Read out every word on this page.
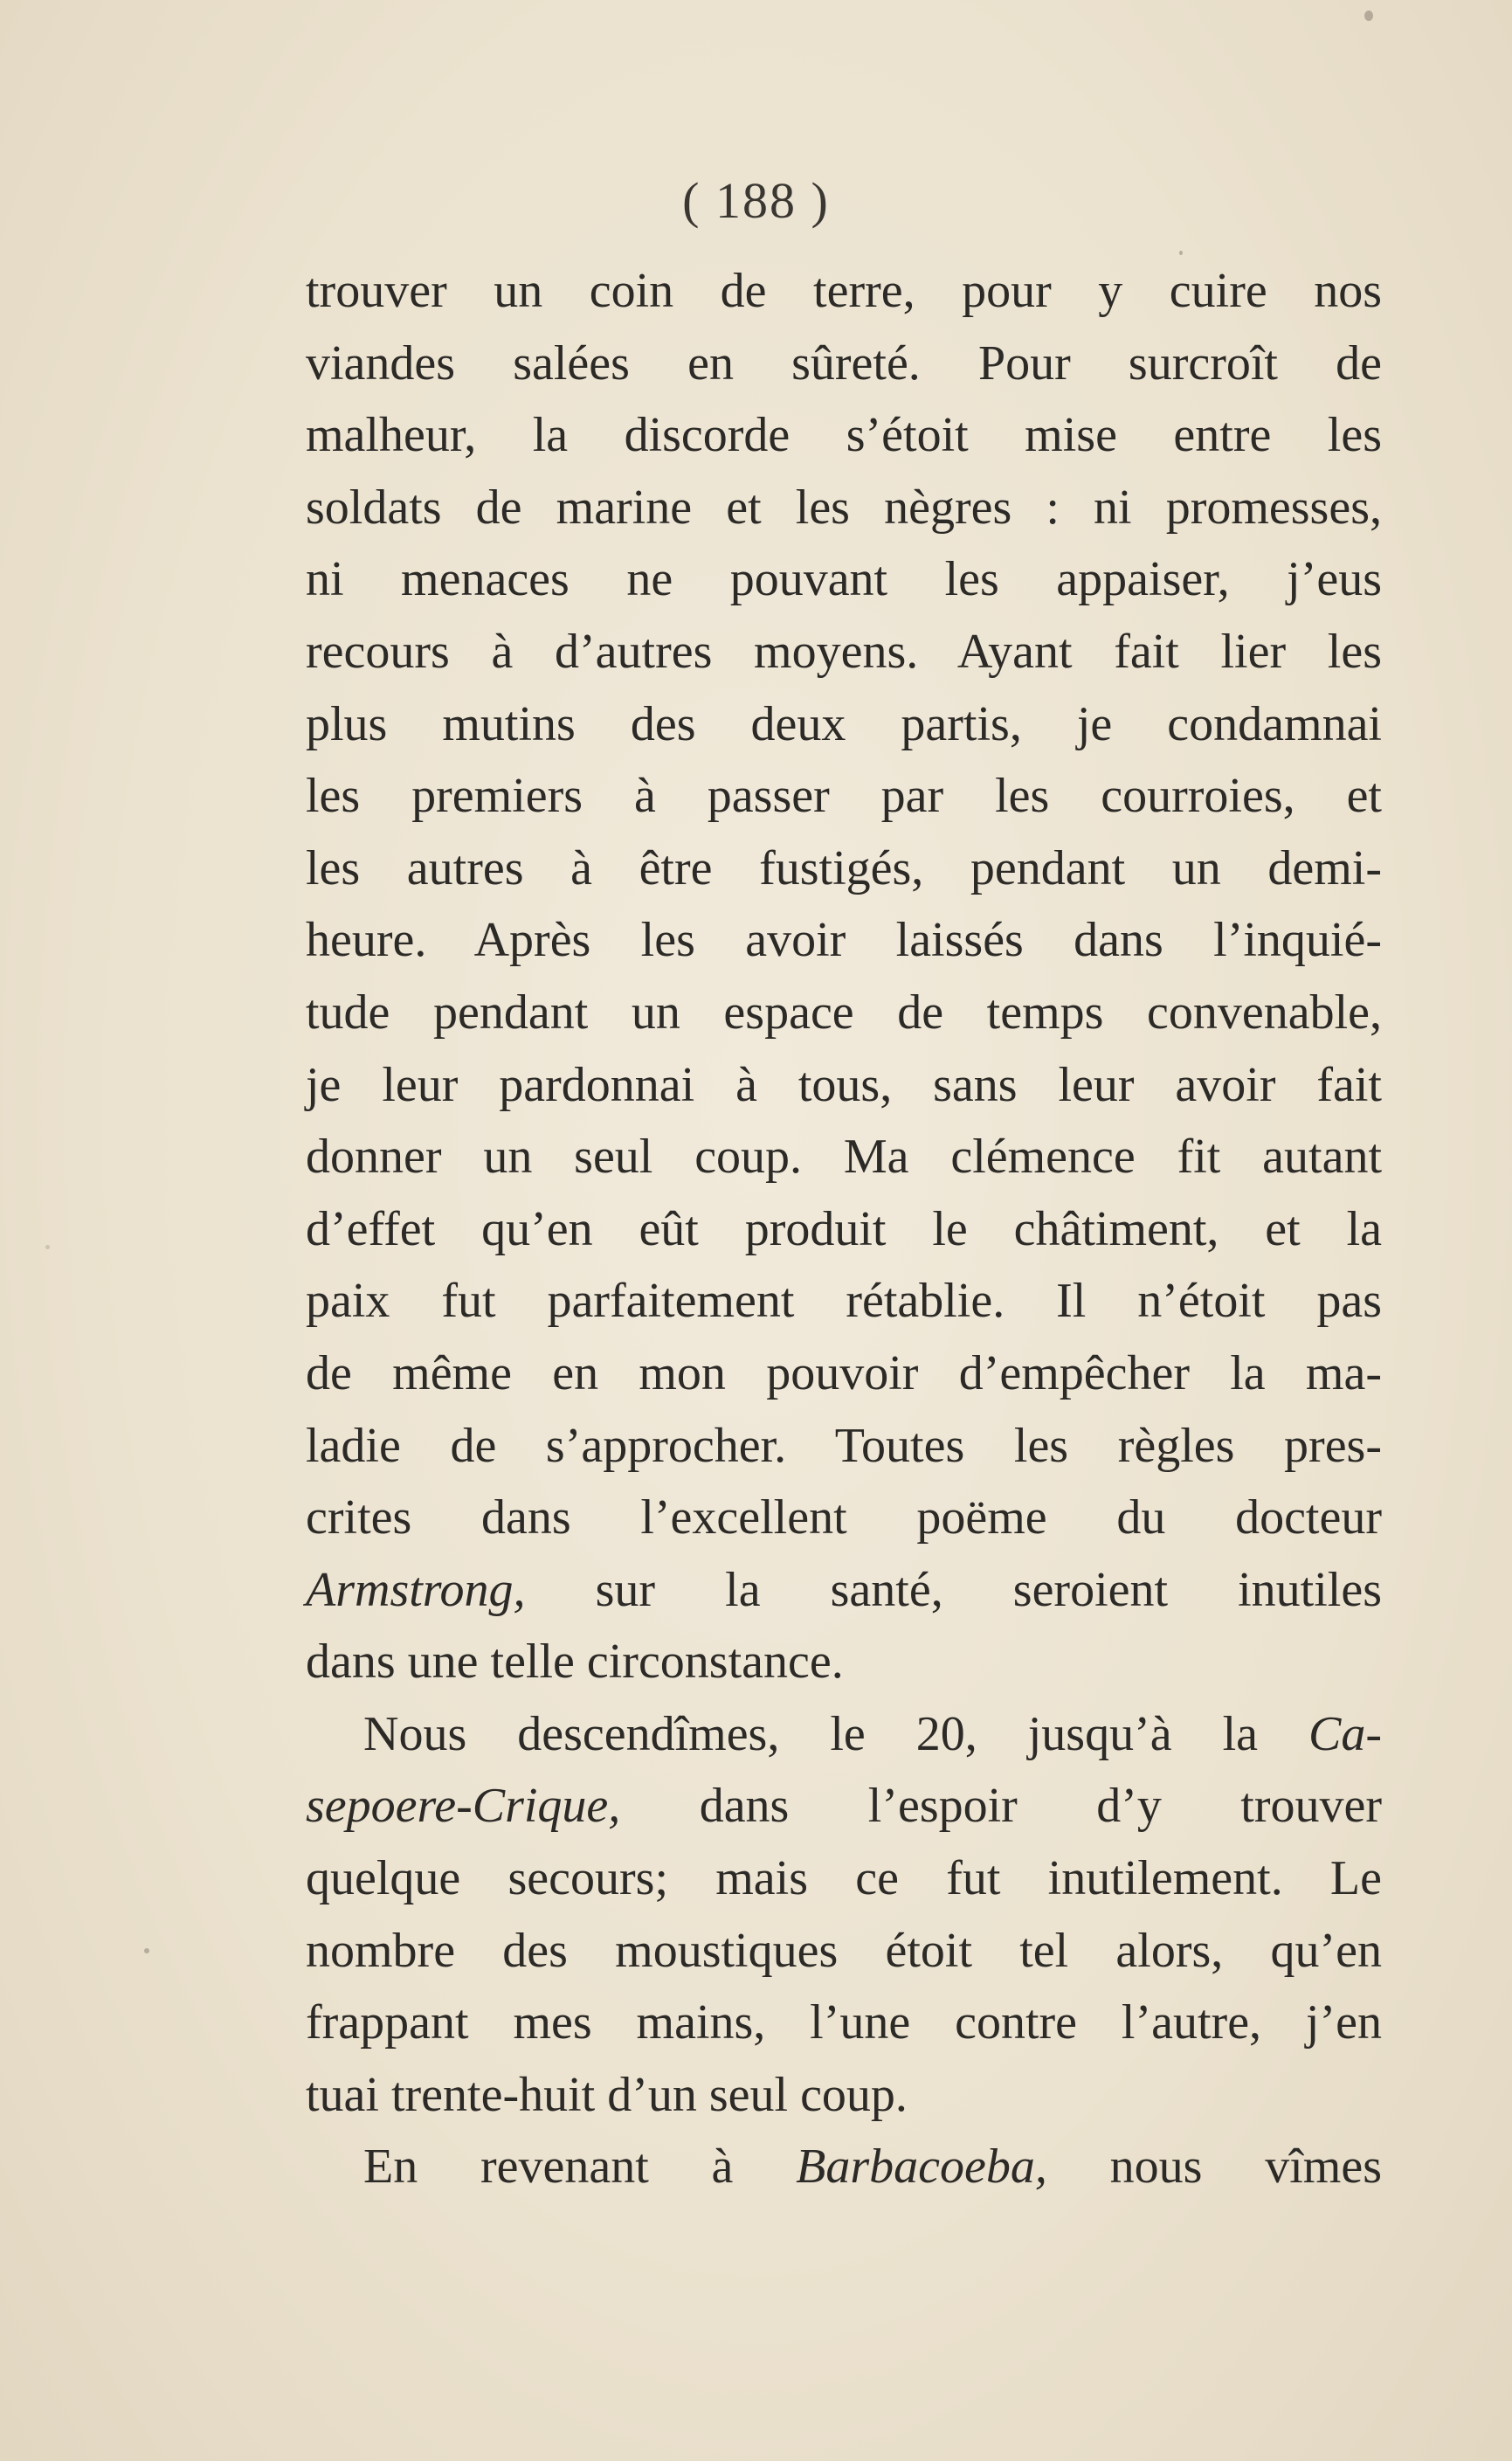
( 188 )
trouver un coin de terre, pour y cuire nos
viandes salées en sûreté. Pour surcroît de
malheur, la discorde s’étoit mise entre les
soldats de marine et les nègres : ni promesses,
ni menaces ne pouvant les appaiser, j’eus
recours à d’autres moyens. Ayant fait lier les
plus mutins des deux partis, je condamnai
les premiers à passer par les courroies, et
les autres à être fustigés, pendant un demi-
heure. Après les avoir laissés dans l’inquié-
tude pendant un espace de temps convenable,
je leur pardonnai à tous, sans leur avoir fait
donner un seul coup. Ma clémence fit autant
d’effet qu’en eût produit le châtiment, et la
paix fut parfaitement rétablie. Il n’étoit pas
de même en mon pouvoir d’empêcher la ma-
ladie de s’approcher. Toutes les règles pres-
crites dans l’excellent poëme du docteur
Armstrong, sur la santé, seroient inutiles
dans une telle circonstance.
Nous descendîmes, le 20, jusqu’à la Ca-
sepoere-Crique, dans l’espoir d’y trouver
quelque secours; mais ce fut inutilement. Le
nombre des moustiques étoit tel alors, qu’en
frappant mes mains, l’une contre l’autre, j’en
tuai trente-huit d’un seul coup.
En revenant à Barbacoeba, nous vîmes
